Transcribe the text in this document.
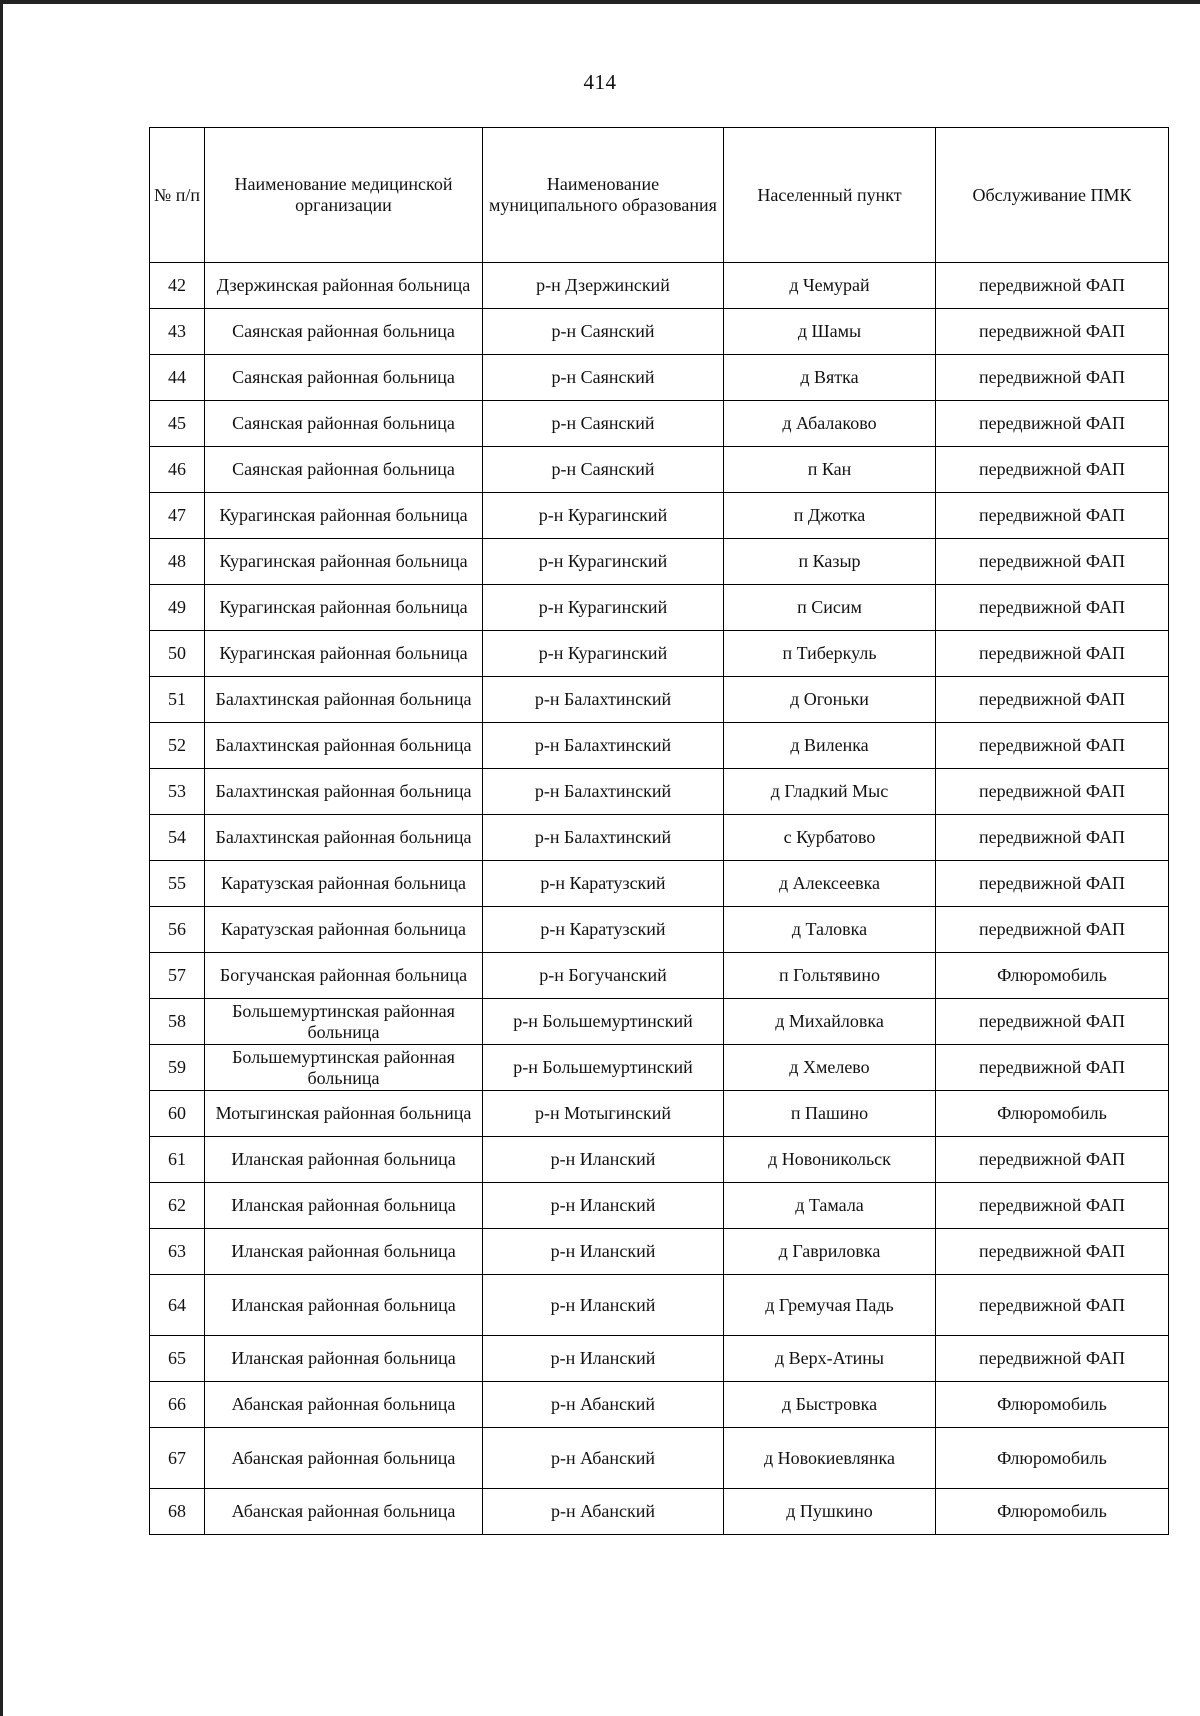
414
№ п/п	Наименование медицинской организации	Наименование муниципального образования	Населенный пункт	Обслуживание ПМК
42	Дзержинская районная больница	р-н Дзержинский	д Чемурай	передвижной ФАП
43	Саянская районная больница	р-н Саянский	д Шамы	передвижной ФАП
44	Саянская районная больница	р-н Саянский	д Вятка	передвижной ФАП
45	Саянская районная больница	р-н Саянский	д Абалаково	передвижной ФАП
46	Саянская районная больница	р-н Саянский	п Кан	передвижной ФАП
47	Курагинская районная больница	р-н Курагинский	п Джотка	передвижной ФАП
48	Курагинская районная больница	р-н Курагинский	п Казыр	передвижной ФАП
49	Курагинская районная больница	р-н Курагинский	п Сисим	передвижной ФАП
50	Курагинская районная больница	р-н Курагинский	п Тиберкуль	передвижной ФАП
51	Балахтинская районная больница	р-н Балахтинский	д Огоньки	передвижной ФАП
52	Балахтинская районная больница	р-н Балахтинский	д Виленка	передвижной ФАП
53	Балахтинская районная больница	р-н Балахтинский	д Гладкий Мыс	передвижной ФАП
54	Балахтинская районная больница	р-н Балахтинский	с Курбатово	передвижной ФАП
55	Каратузская районная больница	р-н Каратузский	д Алексеевка	передвижной ФАП
56	Каратузская районная больница	р-н Каратузский	д Таловка	передвижной ФАП
57	Богучанская районная больница	р-н Богучанский	п Гольтявино	Флюромобиль
58	Большемуртинская районная больница	р-н Большемуртинский	д Михайловка	передвижной ФАП
59	Большемуртинская районная больница	р-н Большемуртинский	д Хмелево	передвижной ФАП
60	Мотыгинская районная больница	р-н Мотыгинский	п Пашино	Флюромобиль
61	Иланская районная больница	р-н Иланский	д Новоникольск	передвижной ФАП
62	Иланская районная больница	р-н Иланский	д Тамала	передвижной ФАП
63	Иланская районная больница	р-н Иланский	д Гавриловка	передвижной ФАП
64	Иланская районная больница	р-н Иланский	д Гремучая Падь	передвижной ФАП
65	Иланская районная больница	р-н Иланский	д Верх-Атины	передвижной ФАП
66	Абанская районная больница	р-н Абанский	д Быстровка	Флюромобиль
67	Абанская районная больница	р-н Абанский	д Новокиевлянка	Флюромобиль
68	Абанская районная больница	р-н Абанский	д Пушкино	Флюромобиль
